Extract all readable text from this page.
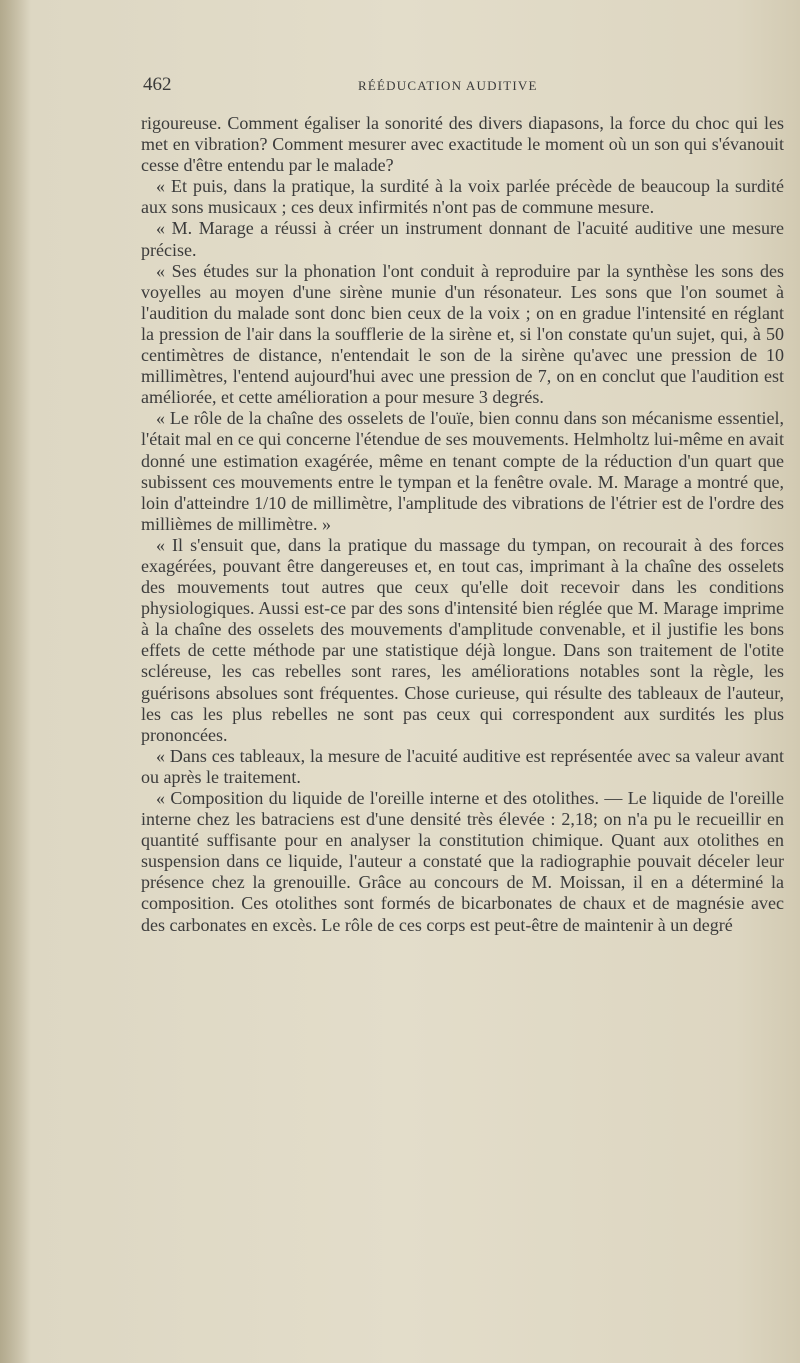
462	RÉÉDUCATION AUDITIVE

rigoureuse. Comment égaliser la sonorité des divers diapasons, la force du choc qui les met en vibration? Comment mesurer avec exactitude le moment où un son qui s'évanouit cesse d'être entendu par le malade?

« Et puis, dans la pratique, la surdité à la voix parlée précède de beaucoup la surdité aux sons musicaux ; ces deux infirmités n'ont pas de commune mesure.

« M. Marage a réussi à créer un instrument donnant de l'acuité auditive une mesure précise.

« Ses études sur la phonation l'ont conduit à reproduire par la synthèse les sons des voyelles au moyen d'une sirène munie d'un résonateur. Les sons que l'on soumet à l'audition du malade sont donc bien ceux de la voix ; on en gradue l'intensité en réglant la pression de l'air dans la soufflerie de la sirène et, si l'on constate qu'un sujet, qui, à 50 centimètres de distance, n'entendait le son de la sirène qu'avec une pression de 10 millimètres, l'entend aujourd'hui avec une pression de 7, on en conclut que l'audition est améliorée, et cette amélioration a pour mesure 3 degrés.

« Le rôle de la chaîne des osselets de l'ouïe, bien connu dans son mécanisme essentiel, l'était mal en ce qui concerne l'étendue de ses mouvements. Helmholtz lui-même en avait donné une estimation exagérée, même en tenant compte de la réduction d'un quart que subissent ces mouvements entre le tympan et la fenêtre ovale. M. Marage a montré que, loin d'atteindre 1/10 de millimètre, l'amplitude des vibrations de l'étrier est de l'ordre des millièmes de millimètre. »

« Il s'ensuit que, dans la pratique du massage du tympan, on recourait à des forces exagérées, pouvant être dangereuses et, en tout cas, imprimant à la chaîne des osselets des mouvements tout autres que ceux qu'elle doit recevoir dans les conditions physiologiques. Aussi est-ce par des sons d'intensité bien réglée que M. Marage imprime à la chaîne des osselets des mouvements d'amplitude convenable, et il justifie les bons effets de cette méthode par une statistique déjà longue. Dans son traitement de l'otite scléreuse, les cas rebelles sont rares, les améliorations notables sont la règle, les guérisons absolues sont fréquentes. Chose curieuse, qui résulte des tableaux de l'auteur, les cas les plus rebelles ne sont pas ceux qui correspondent aux surdités les plus prononcées.

« Dans ces tableaux, la mesure de l'acuité auditive est représentée avec sa valeur avant ou après le traitement.

« Composition du liquide de l'oreille interne et des otolithes. — Le liquide de l'oreille interne chez les batraciens est d'une densité très élevée : 2,18; on n'a pu le recueillir en quantité suffisante pour en analyser la constitution chimique. Quant aux otolithes en suspension dans ce liquide, l'auteur a constaté que la radiographie pouvait déceler leur présence chez la grenouille. Grâce au concours de M. Moissan, il en a déterminé la composition. Ces otolithes sont formés de bicarbonates de chaux et de magnésie avec des carbonates en excès. Le rôle de ces corps est peut-être de maintenir à un degré
